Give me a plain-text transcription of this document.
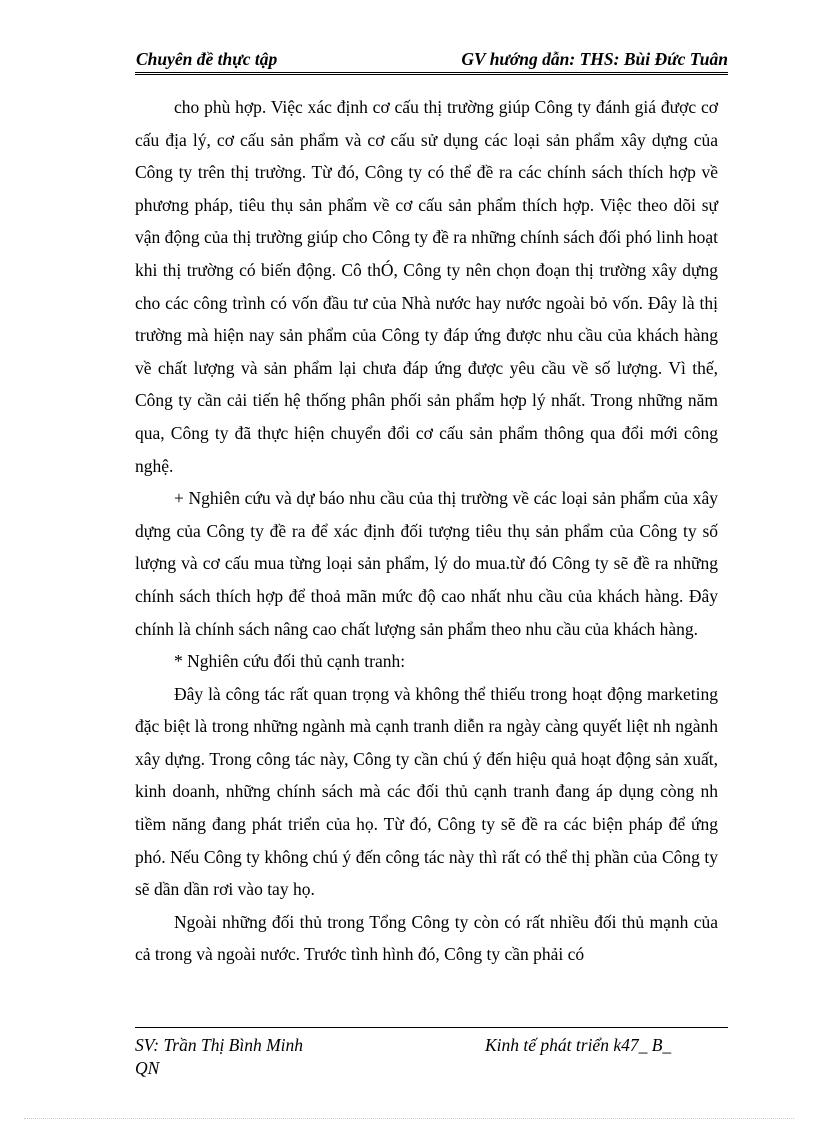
Chuyên đề thực tập	GV hướng dẫn: THS: Bùi Đức Tuân

cho phù hợp. Việc xác định cơ cấu thị trường giúp Công ty đánh giá được cơ cấu địa lý, cơ cấu sản phẩm và cơ cấu sử dụng các loại sản phẩm xây dựng của Công ty trên thị trường. Từ đó, Công ty có thể đề ra các chính sách thích hợp về phương pháp, tiêu thụ sản phẩm về cơ cấu sản phẩm thích hợp. Việc theo dõi sự vận động của thị trường giúp cho Công ty đề ra những chính sách đối phó linh hoạt khi thị trường có biến động. Cô thÓ, Công ty nên chọn đoạn thị trường xây dựng cho các công trình có vốn đầu tư của Nhà nước hay nước ngoài bỏ vốn. Đây là thị trường mà hiện nay sản phẩm của Công ty đáp ứng được nhu cầu của khách hàng về chất lượng và sản phẩm lại chưa đáp ứng được yêu cầu về số lượng. Vì thế, Công ty cần cải tiến hệ thống phân phối sản phẩm hợp lý nhất. Trong những năm qua, Công ty đã thực hiện chuyển đổi cơ cấu sản phẩm thông qua đổi mới công nghệ.

+ Nghiên cứu và dự báo nhu cầu của thị trường về các loại sản phẩm của xây dựng của Công ty đề ra để xác định đối tượng tiêu thụ sản phẩm của Công ty số lượng và cơ cấu mua từng loại sản phẩm, lý do mua.từ đó Công ty sẽ đề ra những chính sách thích hợp để thoả mãn mức độ cao nhất nhu cầu của khách hàng. Đây chính là chính sách nâng cao chất lượng sản phẩm theo nhu cầu của khách hàng.

* Nghiên cứu đối thủ cạnh tranh:

Đây là công tác rất quan trọng và không thể thiếu trong hoạt động marketing đặc biệt là trong những ngành mà cạnh tranh diễn ra ngày càng quyết liệt nh ngành xây dựng. Trong công tác này, Công ty cần chú ý đến hiệu quả hoạt động sản xuất, kinh doanh, những chính sách mà các đối thủ cạnh tranh đang áp dụng còng nh tiềm năng đang phát triển của họ. Từ đó, Công ty sẽ đề ra các biện pháp để ứng phó. Nếu Công ty không chú ý đến công tác này thì rất có thể thị phần của Công ty sẽ dần dần rơi vào tay họ.

Ngoài những đối thủ trong Tổng Công ty còn có rất nhiều đối thủ mạnh của cả trong và ngoài nước. Trước tình hình đó, Công ty cần phải có

SV: Trần Thị Bình Minh	Kinh tế phát triển k47_ B_
QN
